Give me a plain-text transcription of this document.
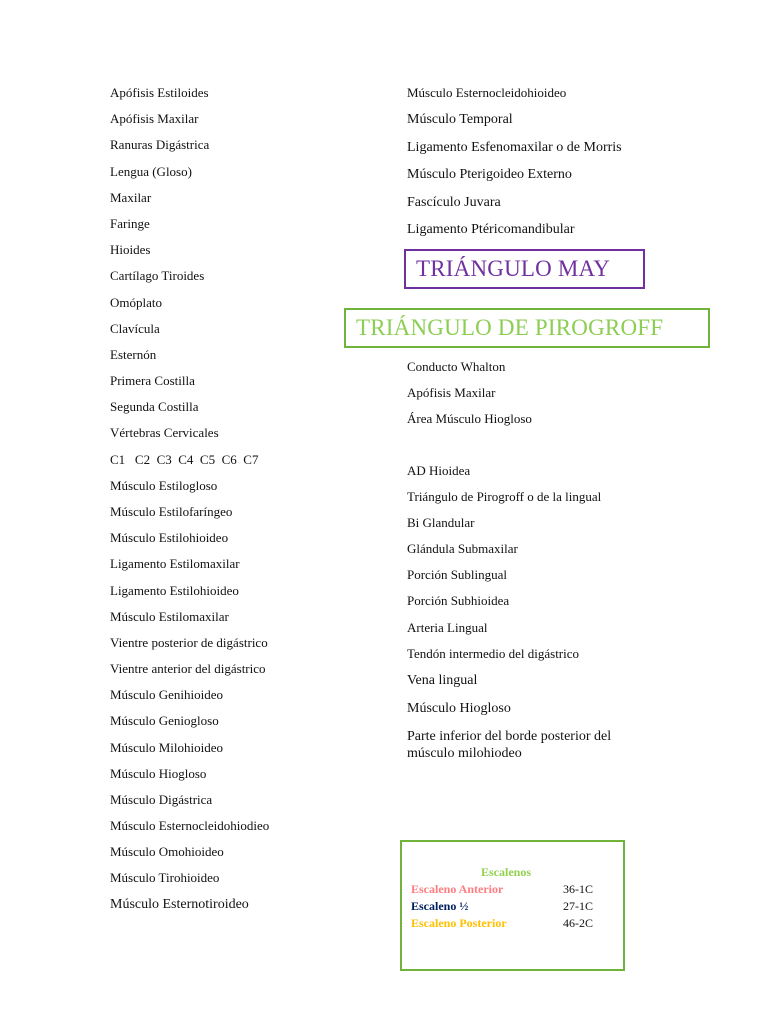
Apófisis Estiloides
Apófisis Maxilar
Ranuras Digástrica
Lengua (Gloso)
Maxilar
Faringe
Hioides
Cartílago Tiroides
Omóplato
Clavícula
Esternón
Primera Costilla
Segunda Costilla
Vértebras Cervicales
C1   C2  C3  C4  C5  C6  C7
Músculo Estilogloso
Músculo Estilofaríngeo
Músculo Estilohioideo
Ligamento Estilomaxilar
Ligamento Estilohioideo
Músculo Estilomaxilar
Vientre posterior de digástrico
Vientre anterior del digástrico
Músculo Genihioideo
Músculo Geniogloso
Músculo Milohioideo
Músculo Hiogloso
Músculo Digástrica
Músculo Esternocleidohiodieo
Músculo Omohioideo
Músculo Tirohioideo
Músculo Esternotiroideo
Músculo Esternocleidohioideo
Músculo Temporal
Ligamento Esfenomaxilar o de Morris
Músculo Pterigoideo Externo
Fascículo Juvara
Ligamento Ptéricomandibular
Conducto Whalton
Apófisis Maxilar
Área Músculo Hiogloso
AD Hioidea
Triángulo de Pirogroff o de la lingual
Bi Glandular
Glándula Submaxilar
Porción Sublingual
Porción Subhioidea
Arteria Lingual
Tendón intermedio del digástrico
Vena lingual
Músculo Hiogloso
Parte inferior del borde posterior del músculo milohiodeo
TRIÁNGULO MAY
TRIÁNGULO DE PIROGROFF
Escalenos
Escaleno Anterior	36-1C
Escaleno ½	27-1C
Escaleno Posterior	46-2C
